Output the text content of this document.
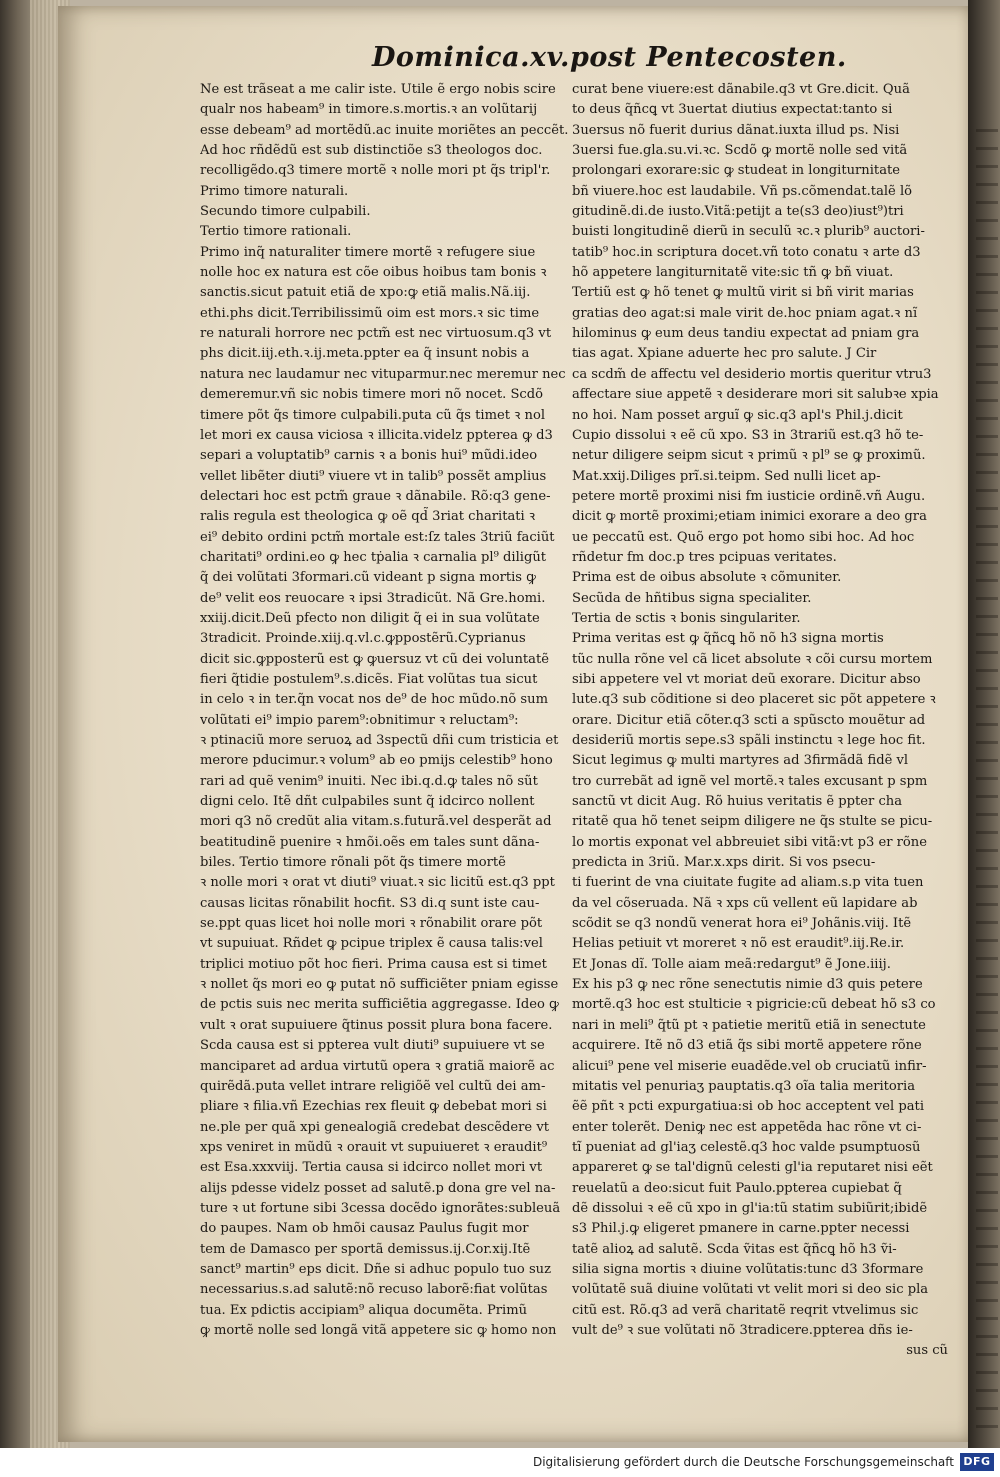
Dominica.xv.post Pentecosten.
Ne est trãseat a me calir iste. Utile ẽ ergo nobis scire
qualr nos habeam⁹ in timore.s.mortis.ꝛ an volũtarij
esse debeam⁹ ad mortẽdũ.ac inuite moriẽtes an peccẽt.
Ad hoc rñdẽdũ est sub distinctiõe s3 theologos doc.
recolligẽdo.q3 timere mortẽ ꝛ nolle mori pt q̃s tripl'r.
Primo timore naturali.
Secundo timore culpabili.
Tertio timore rationali.
Primo inq̃ naturaliter timere mortẽ ꝛ refugere siue
nolle hoc ex natura est cõe oibus hoibus tam bonis ꝛ
sanctis.sicut patuit etiã de xpo:ꝙ etiã malis.Nã.iij.
ethi.phs dicit.Terribilissimũ oim est mors.ꝛ sic time
re naturali horrore nec pctm̃ est nec virtuosum.q3 vt
phs dicit.iij.eth.ꝛ.ij.meta.ppter ea q̃ insunt nobis a
natura nec laudamur nec vituparmur.nec meremur nec
demeremur.vñ sic nobis timere mori nõ nocet. Scdõ
timere põt q̃s timore culpabili.puta cũ q̃s timet ꝛ nol
let mori ex causa viciosa ꝛ illicita.videlz ppterea ꝙ d3
separi a voluptatib⁹ carnis ꝛ a bonis hui⁹ mũdi.ideo
vellet libẽter diuti⁹ viuere vt in talib⁹ possẽt amplius
delectari hoc est pctm̃ graue ꝛ dãnabile. Rõ:q3 gene-
ralis regula est theologica ꝙ oẽ qd̃ 3riat charitati ꝛ
ei⁹ debito ordini pctm̃ mortale est:ſz tales 3triũ faciũt
charitati⁹ ordini.eo ꝙ hec tṗalia ꝛ carnalia pl⁹ diligũt
q̃ dei volũtati 3formari.cũ videant p signa mortis ꝙ
de⁹ velit eos reuocare ꝛ ipsi 3tradicũt. Nã Gre.homi.
xxiij.dicit.Deũ pfecto non diligit q̃ ei in sua volũtate
3tradicit. Proinde.xiij.q.vl.c.ꝙppostẽrũ.Cyprianus
dicit sic.ꝙpposterũ est ꝙ ꝙuersuz vt cũ dei voluntatẽ
fieri q̃tidie postulem⁹.s.dicẽs. Fiat volũtas tua sicut
in celo ꝛ in ter.q̃n vocat nos de⁹ de hoc mũdo.nõ sum
volũtati ei⁹ impio parem⁹:obnitimur ꝛ reluctam⁹:
ꝛ ptinaciũ more seruoꝝ ad 3spectũ dñi cum tristicia et
merore pducimur.ꝛ volum⁹ ab eo pmijs celestib⁹ hono
rari ad quẽ venim⁹ inuiti. Nec ibi.q.d.ꝙ tales nõ sũt
digni celo. Itẽ dñt culpabiles sunt q̃ idcirco nollent
mori q3 nõ credũt alia vitam.s.futurã.vel desperãt ad
beatitudinẽ puenire ꝛ hmõi.oẽs em tales sunt dãna-
biles. Tertio timore rõnali põt q̃s timere mortẽ
ꝛ nolle mori ꝛ orat vt diuti⁹ viuat.ꝛ sic licitũ est.q3 ppt
causas licitas rõnabilit hocfit. S3 di.q sunt iste cau-
se.ppt quas licet hoi nolle mori ꝛ rõnabilit orare põt
vt supuiuat. Rñdet ꝙ pcipue triplex ẽ causa talis:vel
triplici motiuo põt hoc fieri. Prima causa est si timet
ꝛ nollet q̃s mori eo ꝙ putat nõ sufficiẽter pniam egisse
de pctis suis nec merita sufficiẽtia aggregasse. Ideo ꝙ
vult ꝛ orat supuiuere q̃tinus possit plura bona facere.
Scda causa est si ppterea vult diuti⁹ supuiuere vt se
manciparet ad ardua virtutũ opera ꝛ gratiã maiorẽ ac
quirẽdã.puta vellet intrare religiõẽ vel cultũ dei am-
pliare ꝛ filia.vñ Ezechias rex fleuit ꝙ debebat mori si
ne.ple per quã xpi genealogiã credebat descẽdere vt
xps veniret in mũdũ ꝛ orauit vt supuiueret ꝛ eraudit⁹
est Esa.xxxviij. Tertia causa si idcirco nollet mori vt
alijs pdesse videlz posset ad salutẽ.p dona gre vel na-
ture ꝛ ut fortune sibi 3cessa docẽdo ignorãtes:subleuã
do paupes. Nam ob hmõi causaz Paulus fugit mor
tem de Damasco per sportã demissus.ij.Cor.xij.Itẽ
sanct⁹ martin⁹ eps dicit. Dñe si adhuc populo tuo suz
necessarius.s.ad salutẽ:nõ recuso laborẽ:fiat volũtas
tua. Ex pdictis accipiam⁹ aliqua documẽta. Primũ
ꝙ mortẽ nolle sed longã vitã appetere sic ꝙ homo non
curat bene viuere:est dãnabile.q3 vt Gre.dicit. Quã
to deus q̃ñcꝗ vt 3uertat diutius expectat:tanto si
3uersus nõ fuerit durius dãnat.iuxta illud ps. Nisi
3uersi fue.gla.su.vi.ꝛc. Scdõ ꝙ mortẽ nolle sed vitã
prolongari exorare:sic ꝙ studeat in longiturnitate
bñ viuere.hoc est laudabile. Vñ ps.cõmendat.talẽ lõ
gitudinẽ.di.de iusto.Vitã:petijt a te(s3 deo)iust⁹)tri
buisti longitudinẽ dierũ in seculũ ꝛc.ꝛ plurib⁹ auctori-
tatib⁹ hoc.in scriptura docet.vñ toto conatu ꝛ arte d3
hõ appetere langiturnitatẽ vite:sic tñ ꝙ bñ viuat.
Tertiũ est ꝙ hõ tenet ꝙ multũ virit si bñ virit marias
gratias deo agat:si male virit de.hoc pniam agat.ꝛ nĩ
hilominus ꝙ eum deus tandiu expectat ad pniam gra
tias agat. Xpiane aduerte hec pro salute. J Cir
ca scdm̃ de affectu vel desiderio mortis queritur vtru3
affectare siue appetẽ ꝛ desiderare mori sit salubꝛe xpia
no hoi. Nam posset arguĩ ꝙ sic.q3 apl's Phil.j.dicit
Cupio dissolui ꝛ eẽ cũ xpo. S3 in 3trariũ est.q3 hõ te-
netur diligere seipm sicut ꝛ primũ ꝛ pl⁹ se ꝙ proximũ.
Mat.xxij.Diliges prĩ.si.teipm. Sed nulli licet ap-
petere mortẽ proximi nisi fm iusticie ordinẽ.vñ Augu.
dicit ꝙ mortẽ proximi;etiam inimici exorare a deo gra
ue peccatũ est. Quõ ergo pot homo sibi hoc. Ad hoc
rñdetur fm doc.p tres pcipuas veritates.
Prima est de oibus absolute ꝛ cõmuniter.
Secũda de hñtibus signa specialiter.
Tertia de sctis ꝛ bonis singulariter.
Prima veritas est ꝙ q̃ñcꝗ hõ nõ h3 signa mortis
tũc nulla rõne vel cã licet absolute ꝛ cõi cursu mortem
sibi appetere vel vt moriat deũ exorare. Dicitur abso
lute.q3 sub cõditione si deo placeret sic põt appetere ꝛ
orare. Dicitur etiã cõter.q3 scti a spũscto mouẽtur ad
desideriũ mortis sepe.s3 spãli instinctu ꝛ lege hoc fit.
Sicut legimus ꝙ multi martyres ad 3firmãdã fidẽ vl
tro currebãt ad ignẽ vel mortẽ.ꝛ tales excusant p spm
sanctũ vt dicit Aug. Rõ huius veritatis ẽ ppter cha
ritatẽ qua hõ tenet seipm diligere ne q̃s stulte se picu-
lo mortis exponat vel abbreuiet sibi vitã:vt p3 er rõne
predicta in 3riũ. Mar.x.xps dirit. Si vos psecu-
ti fuerint de vna ciuitate fugite ad aliam.s.p vita tuen
da vel cõseruada. Nã ꝛ xps cũ vellent eũ lapidare ab
scõdit se q3 nondũ venerat hora ei⁹ Johãnis.viij. Itẽ
Helias petiuit vt moreret ꝛ nõ est eraudit⁹.iij.Re.ir.
Et Jonas dĩ. Tolle aiam meã:redargut⁹ ẽ Jone.iiij.
Ex his p3 ꝙ nec rõne senectutis nimie d3 quis petere
mortẽ.q3 hoc est stulticie ꝛ pigricie:cũ debeat hõ s3 co
nari in meli⁹ q̃tũ pt ꝛ patietie meritũ etiã in senectute
acquirere. Itẽ nõ d3 etiã q̃s sibi mortẽ appetere rõne
alicui⁹ pene vel miserie euadẽde.vel ob cruciatũ infir-
mitatis vel penuriaʒ pauptatis.q3 oĩa talia meritoria
ẽẽ pñt ꝛ pcti expurgatiua:si ob hoc acceptent vel pati
enter tolerẽt. Deniꝙ nec est appetẽda hac rõne vt ci-
tĩ pueniat ad gl'iaʒ celestẽ.q3 hoc valde psumptuosũ
appareret ꝙ se tal'dignũ celesti gl'ia reputaret nisi eẽt
reuelatũ a deo:sicut fuit Paulo.ppterea cupiebat q̃
dẽ dissolui ꝛ eẽ cũ xpo in gl'ia:tũ statim subiũrit;ibidẽ
s3 Phil.j.ꝙ eligeret pmanere in carne.ppter necessi
tatẽ alioꝝ ad salutẽ. Scda ṽitas est q̃ñcꝗ hõ h3 ṽi-
silia signa mortis ꝛ diuine volũtatis:tunc d3 3formare
volũtatẽ suã diuine volũtati vt velit mori si deo sic pla
citũ est. Rõ.q3 ad verã charitatẽ reqrit vtvelimus sic
vult de⁹ ꝛ sue volũtati nõ 3tradicere.ppterea dñs ie-
sus cũ
Digitalisierung gefördert durch die Deutsche Forschungsgemeinschaft DFG
